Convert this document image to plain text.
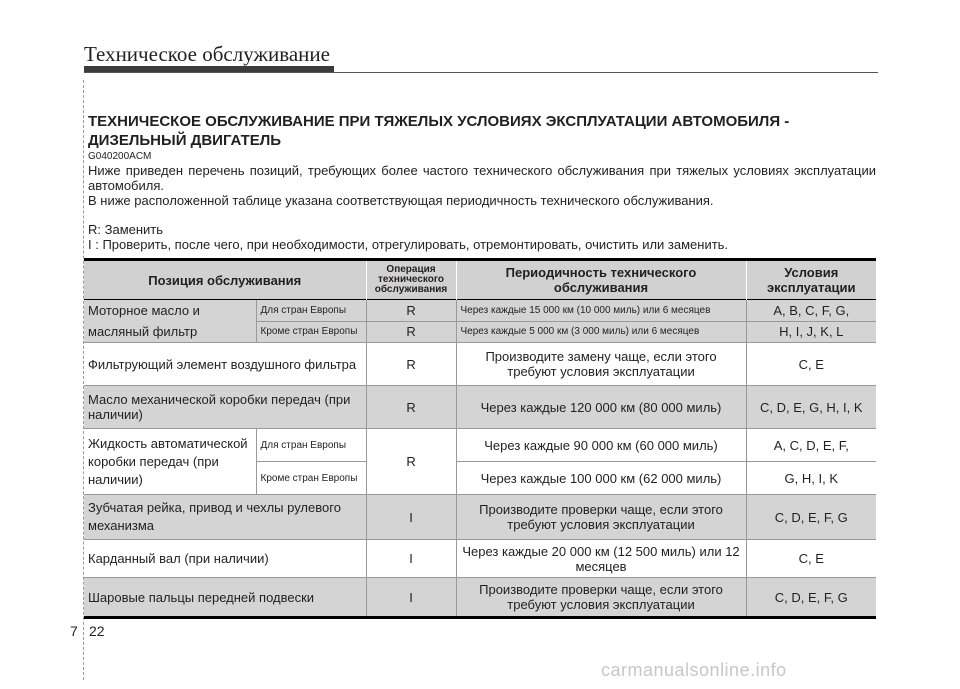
Техническое обслуживание
ТЕХНИЧЕСКОЕ ОБСЛУЖИВАНИЕ ПРИ ТЯЖЕЛЫХ УСЛОВИЯХ ЭКСПЛУАТАЦИИ АВТОМОБИЛЯ - ДИЗЕЛЬНЫЙ ДВИГАТЕЛЬ
G040200ACM
Ниже приведен перечень позиций, требующих более частого технического обслуживания при тяжелых условиях эксплуатации автомобиля.
В ниже расположенной таблице указана соответствующая периодичность технического обслуживания.
R: Заменить
I : Проверить, после чего, при необходимости, отрегулировать, отремонтировать, очистить или заменить.
Позиция обслуживания		Операция технического обслуживания	Периодичность технического обслуживания	Условия эксплуатации
Моторное масло и масляный фильтр	Для стран Европы	R	Через каждые 15 000 км (10 000 миль) или 6 месяцев	A, B, C, F, G,
	Кроме стран Европы	R	Через каждые 5 000 км (3 000 миль) или 6 месяцев	H, I, J, K, L
Фильтрующий элемент воздушного фильтра		R	Производите замену чаще, если этого требуют условия эксплуатации	C, E
Масло механической коробки передач (при наличии)		R	Через каждые 120 000 км (80 000 миль)	C, D, E, G, H, I, K
Жидкость автоматической коробки передач (при наличии)	Для стран Европы	R	Через каждые 90 000 км (60 000 миль)	A, C, D, E, F,
	Кроме стран Европы		Через каждые 100 000 км (62 000 миль)	G, H, I, K
Зубчатая рейка, привод и чехлы рулевого механизма		I	Производите проверки чаще, если этого требуют условия эксплуатации	C, D, E, F, G
Карданный вал (при наличии)		I	Через каждые 20 000 км (12 500 миль) или 12 месяцев	C, E
Шаровые пальцы передней подвески		I	Производите проверки чаще, если этого требуют условия эксплуатации	C, D, E, F, G
7 22
carmanualsonline.info
